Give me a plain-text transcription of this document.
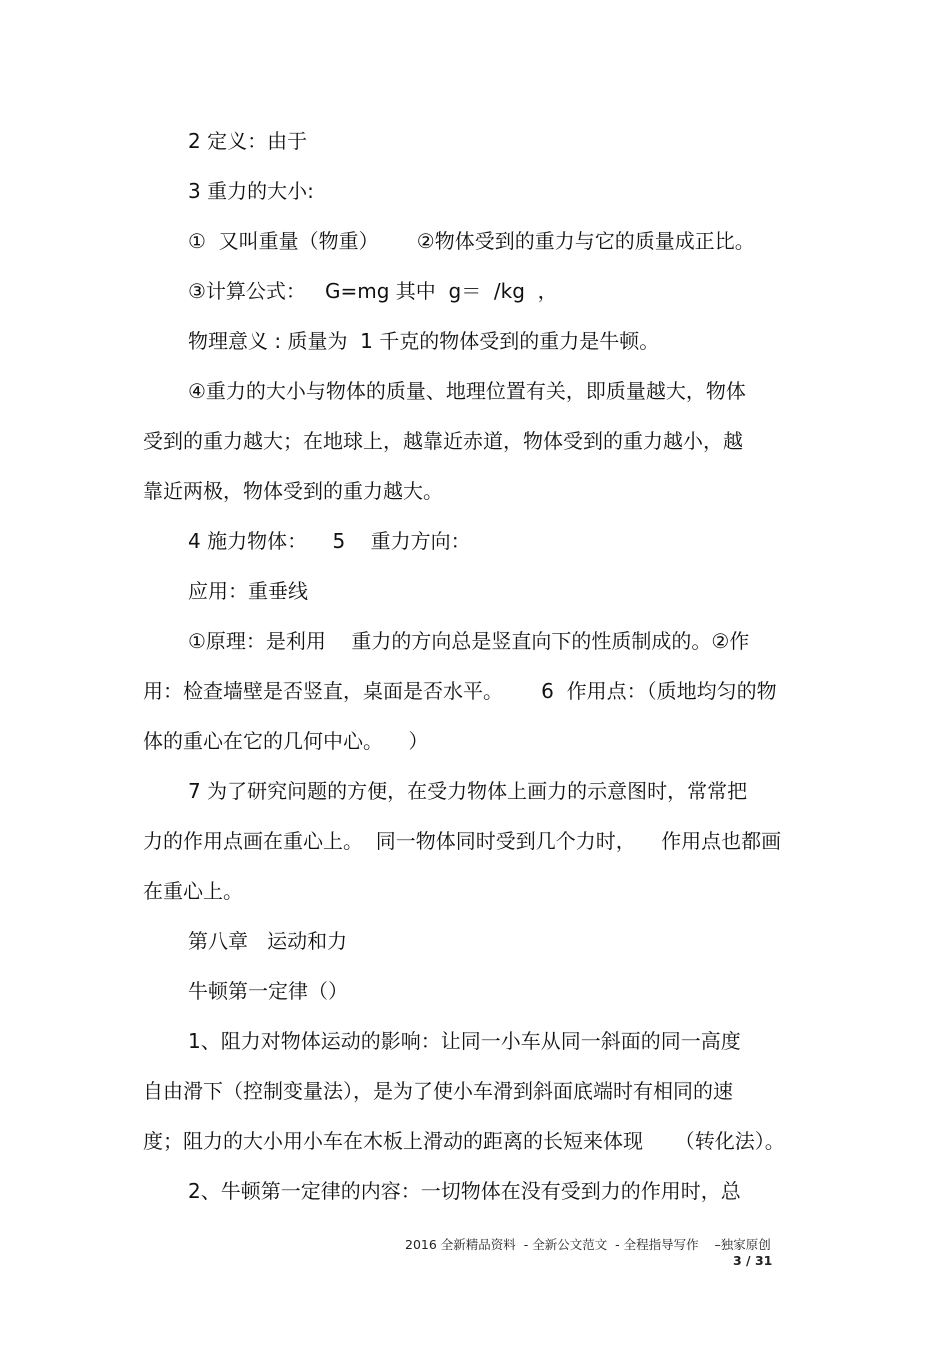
2 定义：由于
3 重力的大小:
①  又叫重量（物重）      ②物体受到的重力与它的质量成正比。
③计算公式：   G=mg 其中  g＝  /kg  ，
物理意义 : 质量为  1 千克的物体受到的重力是牛顿。
④重力的大小与物体的质量、地理位置有关，即质量越大，物体
受到的重力越大；在地球上，越靠近赤道，物体受到的重力越小，越
靠近两极，物体受到的重力越大。
4 施力物体：    5    重力方向：
应用：重垂线
①原理：是利用    重力的方向总是竖直向下的性质制成的。②作
用：检查墙壁是否竖直，桌面是否水平。      6  作用点：（质地均匀的物
体的重心在它的几何中心。    ）
7 为了研究问题的方便，在受力物体上画力的示意图时，常常把
力的作用点画在重心上。  同一物体同时受到几个力时，    作用点也都画
在重心上。
第八章   运动和力
牛顿第一定律（）
1、阻力对物体运动的影响：让同一小车从同一斜面的同一高度
自由滑下（控制变量法），是为了使小车滑到斜面底端时有相同的速
度；阻力的大小用小车在木板上滑动的距离的长短来体现     （转化法）。
2、牛顿第一定律的内容：一切物体在没有受到力的作用时，总
2016 全新精品资料  - 全新公文范文  - 全程指导写作    –独家原创
3 / 31
